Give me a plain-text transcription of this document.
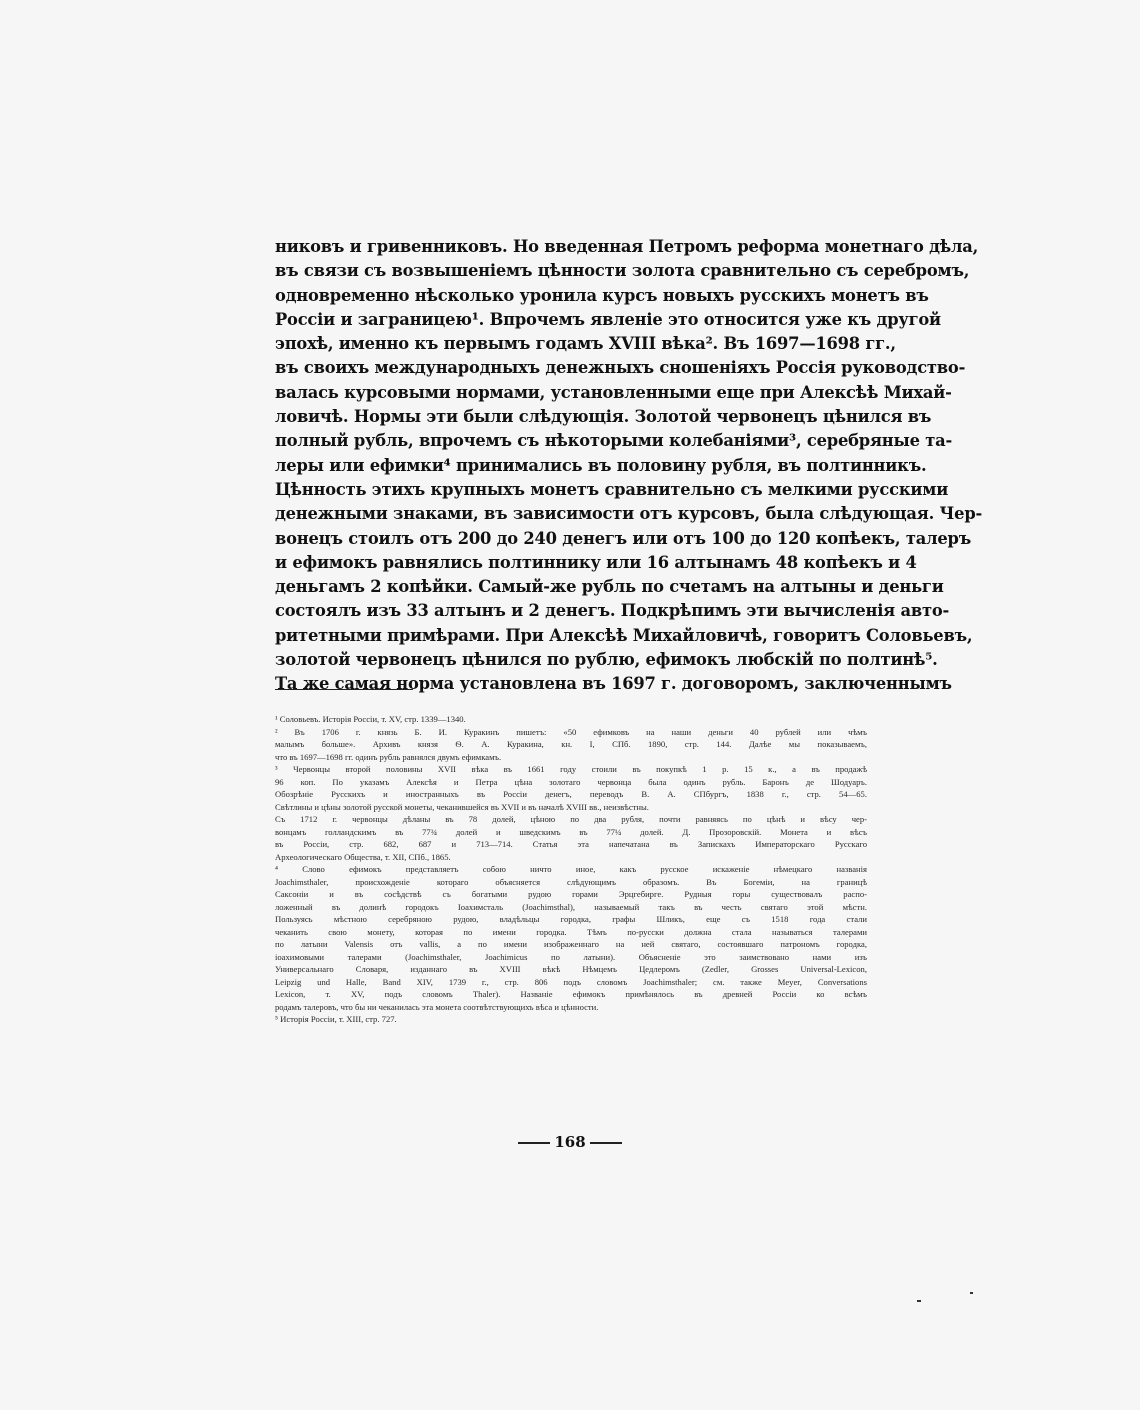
никовъ и гривенниковъ. Но введенная Петромъ реформа монетнаго дѣла,
въ связи съ возвышеніемъ цѣнности золота сравнительно съ серебромъ,
одновременно нѣсколько уронила курсъ новыхъ русскихъ монетъ въ
Россіи и заграницею¹. Впрочемъ явленіе это относится уже къ другой
эпохѣ, именно къ первымъ годамъ XVIII вѣка². Въ 1697—1698 гг.,
въ своихъ международныхъ денежныхъ сношеніяхъ Россія руководство-
валась курсовыми нормами, установленными еще при Алексѣѣ Михай-
ловичѣ. Нормы эти были слѣдующія. Золотой червонецъ цѣнился въ
полный рубль, впрочемъ съ нѣкоторыми колебаніями³, серебряные та-
леры или ефимки⁴ принимались въ половину рубля, въ полтинникъ.
Цѣнность этихъ крупныхъ монетъ сравнительно съ мелкими русскими
денежными знаками, въ зависимости отъ курсовъ, была слѣдующая. Чер-
вонецъ стоилъ отъ 200 до 240 денегъ или отъ 100 до 120 копѣекъ, талеръ
и ефимокъ равнялись полтиннику или 16 алтынамъ 48 копѣекъ и 4
деньгамъ 2 копѣйки. Самый-же рубль по счетамъ на алтыны и деньги
состоялъ изъ 33 алтынъ и 2 денегъ. Подкрѣпимъ эти вычисленія авто-
ритетными примѣрами. При Алексѣѣ Михайловичѣ, говоритъ Соловьевъ,
золотой червонецъ цѣнился по рублю, ефимокъ любскій по полтинѣ⁵.
Та же самая норма установлена въ 1697 г. договоромъ, заключеннымъ
¹ Соловьевъ. Исторія Россіи, т. XV, стр. 1339—1340.
² Въ 1706 г. князь Б. И. Куракинъ пишетъ: «50 ефимковъ на наши деньги 40 рублей или чѣмъ
малымъ больше». Архивъ князя Ѳ. А. Куракина, кн. I, СПб. 1890, стр. 144. Далѣе мы показываемъ,
что въ 1697—1698 гг. одинъ рубль равнялся двумъ ефимкамъ.
³ Червонцы второй половины XVII вѣка въ 1661 году стоили въ покупкѣ 1 р. 15 к., а въ продажѣ
96 коп. По указамъ Алексѣя и Петра цѣна золотаго червонца была одинъ рубль. Баронъ де Шодуаръ.
Обозрѣніе Русскихъ и иностранныхъ въ Россіи денегъ, переводъ В. А. СПбургъ, 1838 г., стр. 54—65.
Свѣтлины и цѣны золотой русской монеты, чеканившейся въ XVII и въ началѣ XVIII вв., неизвѣстны.
Съ 1712 г. червонцы дѣланы въ 78 долей, цѣною по два рубля, почти равняясь по цѣнѣ и вѣсу чер-
вонцамъ голландскимъ въ 77¾ долей и шведскимъ въ 77¼ долей. Д. Прозоровскій. Монета и вѣсъ
въ Россіи, стр. 682, 687 и 713—714. Статья эта напечатана въ Запискахъ Императорскаго Русскаго
Археологическаго Общества, т. XII, СПб., 1865.
⁴ Слово ефимокъ представляетъ собою ничто иное, какъ русское искаженіе нѣмецкаго названія
Joachimsthaler, происхожденіе котораго объясняется слѣдующимъ образомъ. Въ Богеміи, на границѣ
Саксоніи и въ сосѣдствѣ съ богатыми рудою горами Эрцгебирге. Рудныя горы существовалъ распо-
ложенный въ долинѣ городокъ Іоахимсталь (Joachimsthal), называемый такъ въ честь святаго этой мѣстн.
Пользуясь мѣстною серебряною рудою, владѣльцы городка, графы Шликъ, еще съ 1518 года стали
чеканить свою монету, которая по имени городка. Тѣмъ по-русски должна стала называться талерами
по латыни Valensis отъ vallis, а по имени изображеннаго на ней святаго, состоявшаго патрономъ городка,
іоахимовыми талерами (Joachimsthaler, Joachimicus по латыни). Объясненіе это заимствовано нами изъ
Универсальнаго Словаря, изданнаго въ XVIII вѣкѣ Нѣмцемъ Цедлеромъ (Zedler, Grosses Universal-Lexicon,
Leipzig und Halle, Band XIV, 1739 г., стр. 806 подъ словомъ Joachimsthaler; см. также Meyer, Conversations
Lexicon, т. XV, подъ словомъ Thaler). Названіе ефимокъ примѣнялось въ древней Россіи ко всѣмъ
родамъ талеровъ, что бы ни чеканилась эта монета соотвѣтствующихъ вѣса и цѣнности.
⁵ Исторія Россіи, т. XIII, стр. 727.
168
